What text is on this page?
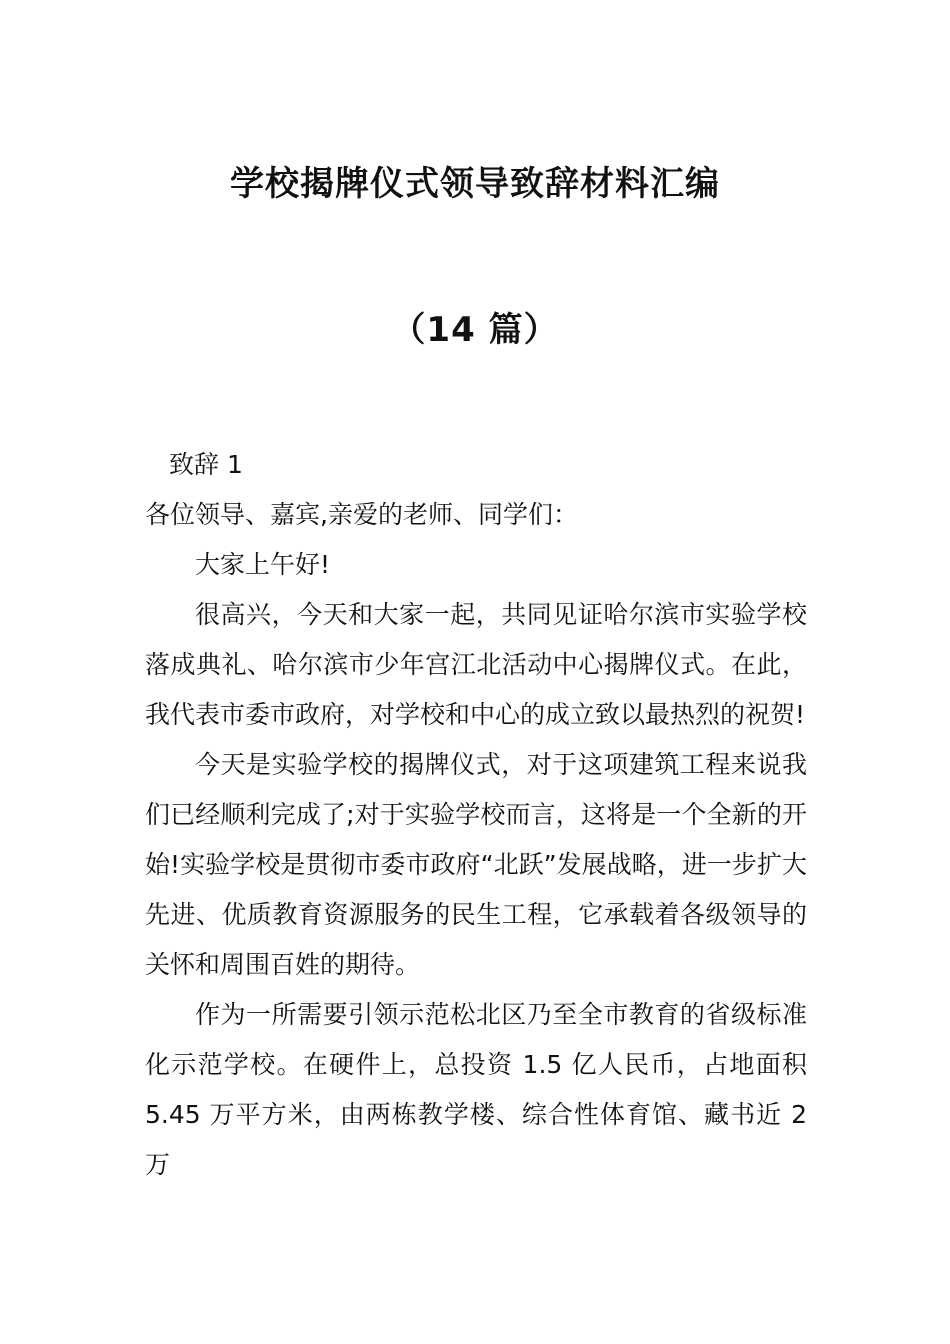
学校揭牌仪式领导致辞材料汇编
（14 篇）

致辞 1

各位领导、嘉宾,亲爱的老师、同学们：

大家上午好!

很高兴，今天和大家一起，共同见证哈尔滨市实验学校落成典礼、哈尔滨市少年宫江北活动中心揭牌仪式。在此，我代表市委市政府，对学校和中心的成立致以最热烈的祝贺!

今天是实验学校的揭牌仪式，对于这项建筑工程来说我们已经顺利完成了;对于实验学校而言，这将是一个全新的开始!实验学校是贯彻市委市政府“北跃”发展战略，进一步扩大先进、优质教育资源服务的民生工程，它承载着各级领导的关怀和周围百姓的期待。

作为一所需要引领示范松北区乃至全市教育的省级标准化示范学校。在硬件上，总投资 1.5 亿人民币，占地面积 5.45 万平方米，由两栋教学楼、综合性体育馆、藏书近 2 万
